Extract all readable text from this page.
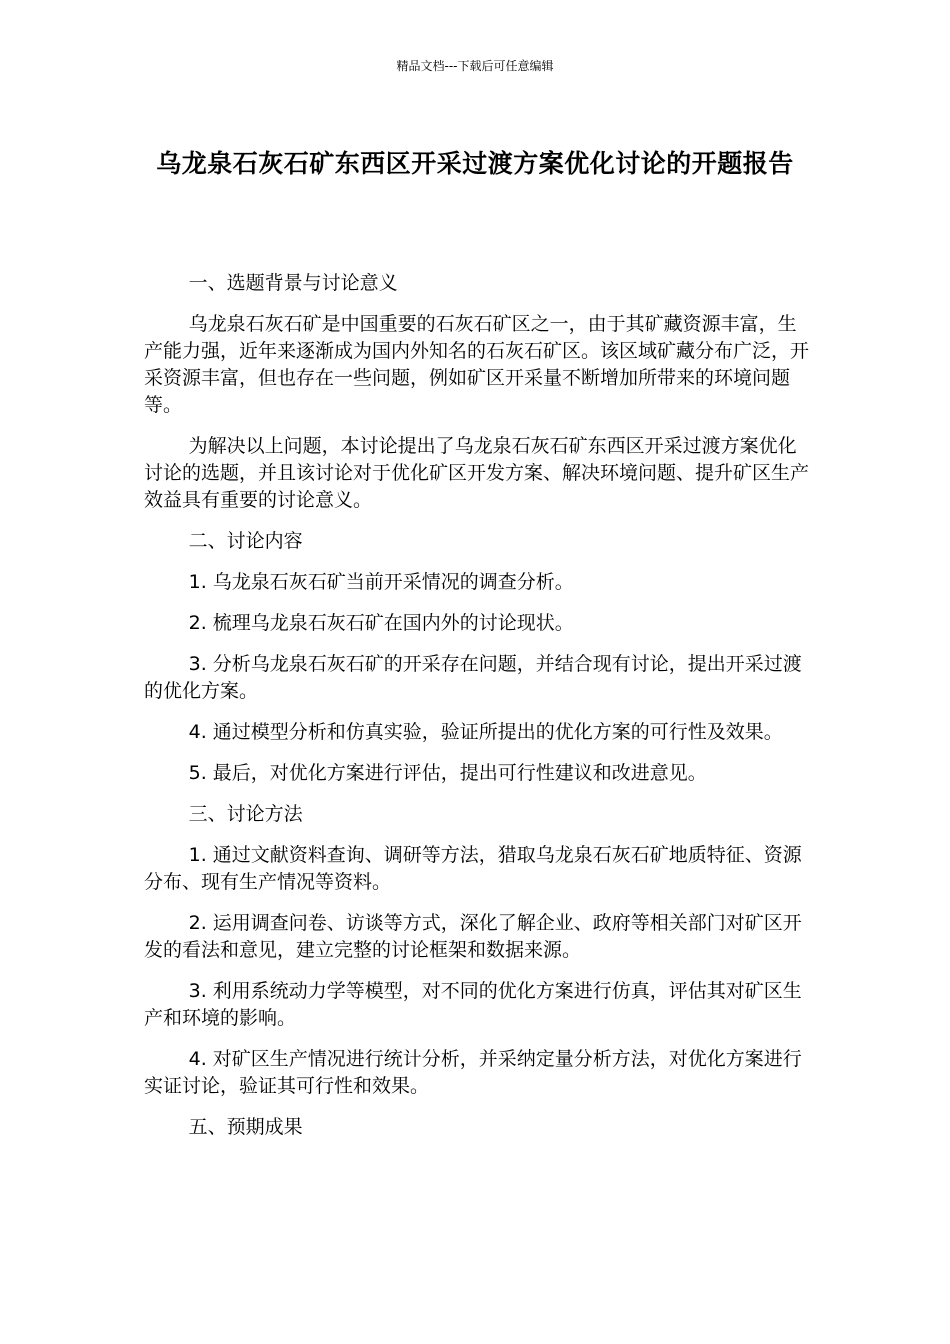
精品文档---下载后可任意编辑
乌龙泉石灰石矿东西区开采过渡方案优化讨论的开题报告

一、选题背景与讨论意义

乌龙泉石灰石矿是中国重要的石灰石矿区之一，由于其矿藏资源丰富，生产能力强，近年来逐渐成为国内外知名的石灰石矿区。该区域矿藏分布广泛，开采资源丰富，但也存在一些问题，例如矿区开采量不断增加所带来的环境问题等。

为解决以上问题，本讨论提出了乌龙泉石灰石矿东西区开采过渡方案优化讨论的选题，并且该讨论对于优化矿区开发方案、解决环境问题、提升矿区生产效益具有重要的讨论意义。

二、讨论内容

1. 乌龙泉石灰石矿当前开采情况的调查分析。

2. 梳理乌龙泉石灰石矿在国内外的讨论现状。

3. 分析乌龙泉石灰石矿的开采存在问题，并结合现有讨论，提出开采过渡的优化方案。

4. 通过模型分析和仿真实验，验证所提出的优化方案的可行性及效果。

5. 最后，对优化方案进行评估，提出可行性建议和改进意见。

三、讨论方法

1. 通过文献资料查询、调研等方法，猎取乌龙泉石灰石矿地质特征、资源分布、现有生产情况等资料。

2. 运用调查问卷、访谈等方式，深化了解企业、政府等相关部门对矿区开发的看法和意见，建立完整的讨论框架和数据来源。

3. 利用系统动力学等模型，对不同的优化方案进行仿真，评估其对矿区生产和环境的影响。

4. 对矿区生产情况进行统计分析，并采纳定量分析方法，对优化方案进行实证讨论，验证其可行性和效果。

五、预期成果
